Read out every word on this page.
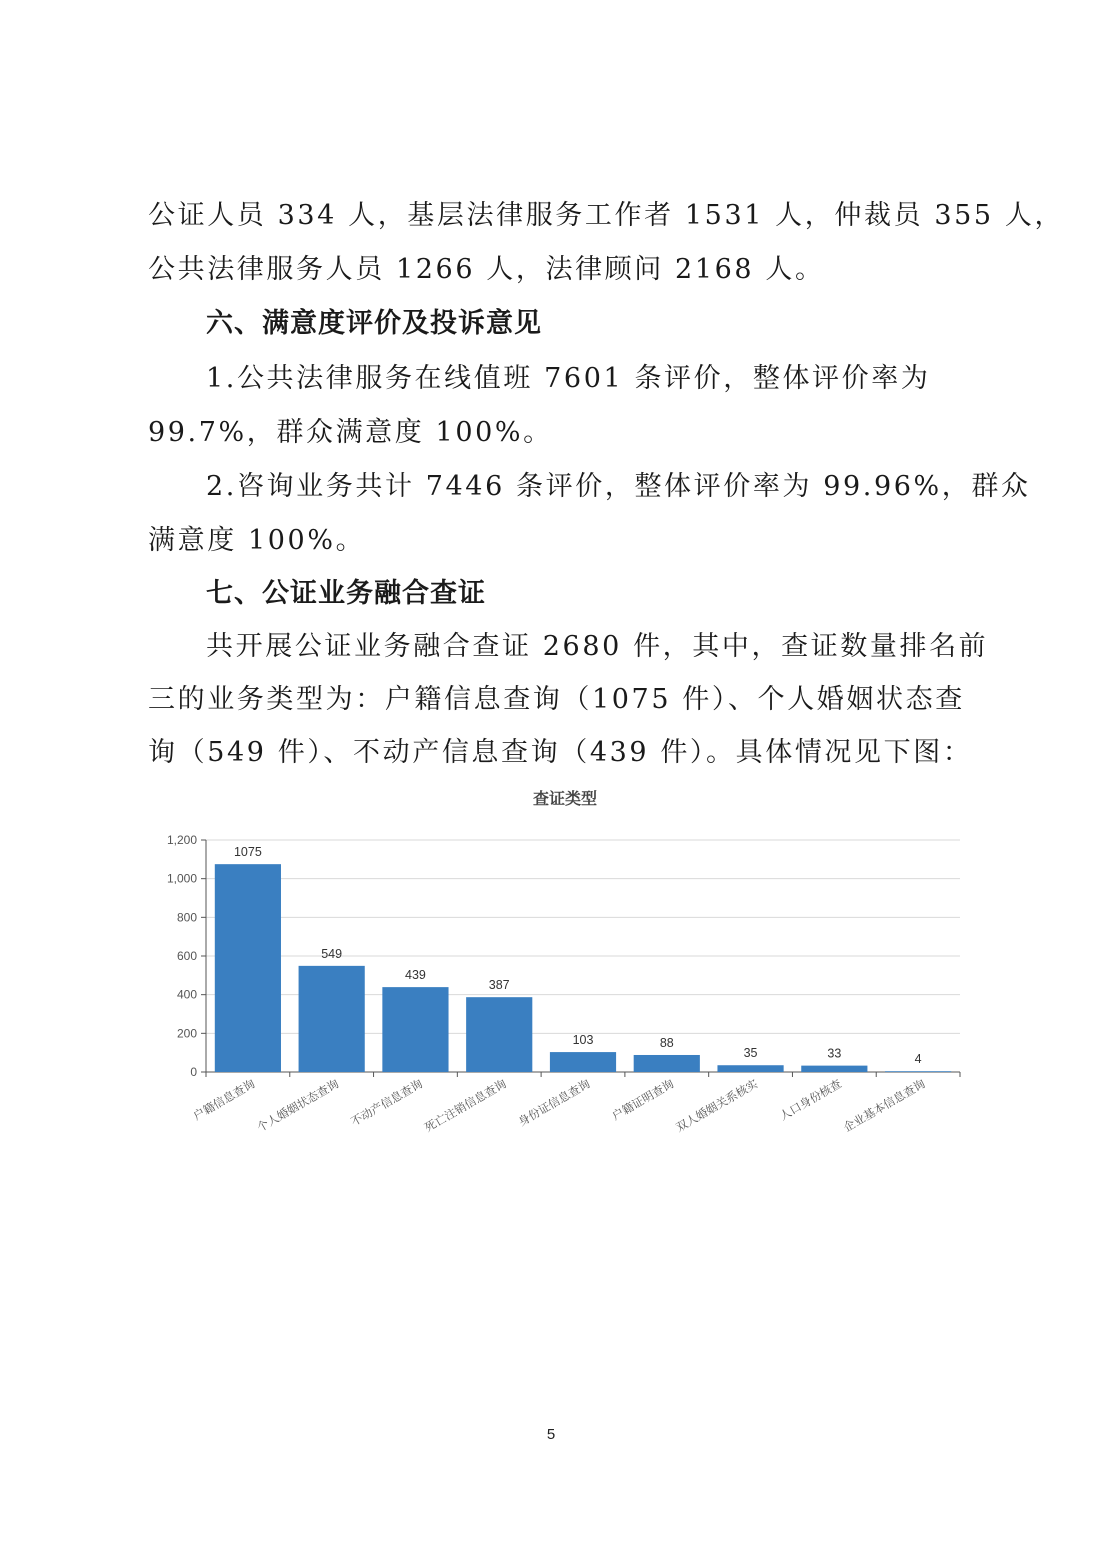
公证人员 334 人，基层法律服务工作者 1531 人，仲裁员 355 人，
公共法律服务人员 1266 人，法律顾问 2168 人。
六、满意度评价及投诉意见
1.公共法律服务在线值班 7601 条评价，整体评价率为
99.7%，群众满意度 100%。
2.咨询业务共计 7446 条评价，整体评价率为 99.96%，群众
满意度 100%。
七、公证业务融合查证
共开展公证业务融合查证 2680 件，其中，查证数量排名前
三的业务类型为：户籍信息查询（1075 件）、个人婚姻状态查
询（549 件）、不动产信息查询（439 件）。具体情况见下图：
查证类型
0
200
400
600
800
1,000
1,200
1075
户籍信息查询
549
个人婚姻状态查询
439
不动产信息查询
387
死亡注销信息查询
103
身份证信息查询
88
户籍证明查询
35
双人婚姻关系核实
33
人口身份核查
4
企业基本信息查询
5
